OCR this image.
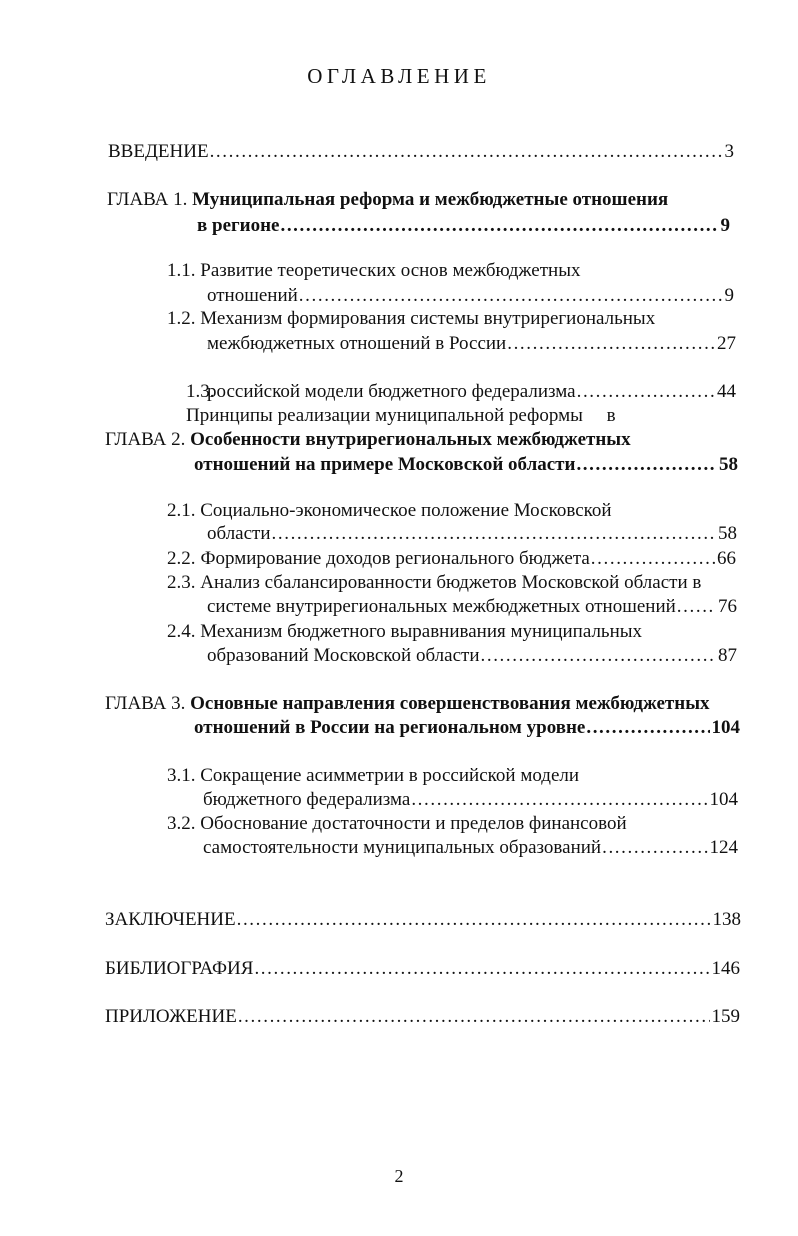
ОГЛАВЛЕНИЕ
ВВЕДЕНИЕ .....	3
ГЛАВА 1. Муниципальная реформа и межбюджетные отношения
в регионе .....	9
1.1. Развитие теоретических основ межбюджетных
отношений .....	9
1.2. Механизм формирования системы внутрирегиональных
межбюджетных отношений в России .....	27

1.3.
Принципы реализации муниципальной реформы     в

российской модели бюджетного федерализма .....	44
ГЛАВА 2. Особенности внутрирегиональных межбюджетных
отношений на примере Московской области .....	58
2.1. Социально-экономическое положение Московской
области .....	58
2.2. Формирование доходов регионального бюджета .....	66
2.3. Анализ сбалансированности бюджетов Московской области в
системе внутрирегиональных межбюджетных отношений ..... 76
2.4. Механизм бюджетного выравнивания муниципальных
образований Московской области .....	87
ГЛАВА 3. Основные направления совершенствования межбюджетных
отношений в России на региональном уровне .....	104
3.1. Сокращение асимметрии в российской модели
бюджетного федерализма .....	104
3.2. Обоснование достаточности и пределов финансовой
самостоятельности муниципальных образований .....	124
ЗАКЛЮЧЕНИЕ .....	138
БИБЛИОГРАФИЯ .....	146
ПРИЛОЖЕНИЕ .....	159
2
